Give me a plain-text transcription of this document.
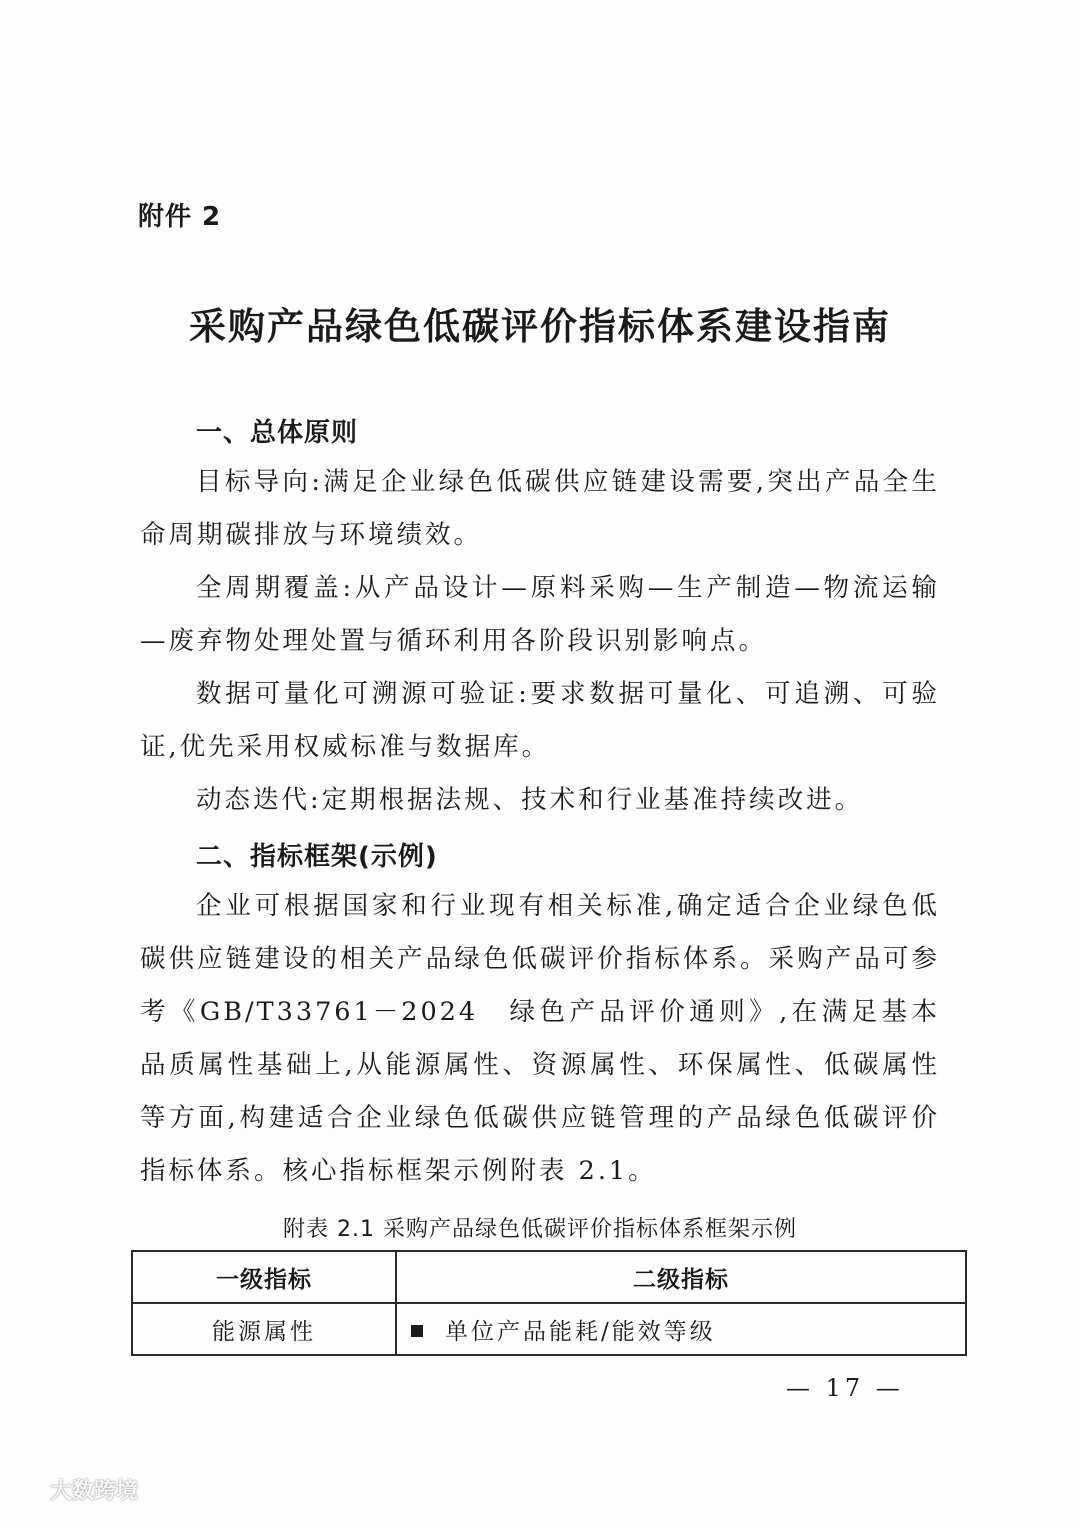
附件 2
采购产品绿色低碳评价指标体系建设指南
一、总体原则
目标导向:满足企业绿色低碳供应链建设需要,突出产品全生命周期碳排放与环境绩效。
全周期覆盖:从产品设计—原料采购—生产制造—物流运输—废弃物处理处置与循环利用各阶段识别影响点。
数据可量化可溯源可验证:要求数据可量化、可追溯、可验证,优先采用权威标准与数据库。
动态迭代:定期根据法规、技术和行业基准持续改进。
二、指标框架(示例)
企业可根据国家和行业现有相关标准,确定适合企业绿色低碳供应链建设的相关产品绿色低碳评价指标体系。采购产品可参考《GB/T33761－2024　绿色产品评价通则》,在满足基本品质属性基础上,从能源属性、资源属性、环保属性、低碳属性等方面,构建适合企业绿色低碳供应链管理的产品绿色低碳评价指标体系。核心指标框架示例附表 2.1。
附表 2.1 采购产品绿色低碳评价指标体系框架示例
一级指标	二级指标
能源属性	单位产品能耗/能效等级
— 17 —
大数跨境
